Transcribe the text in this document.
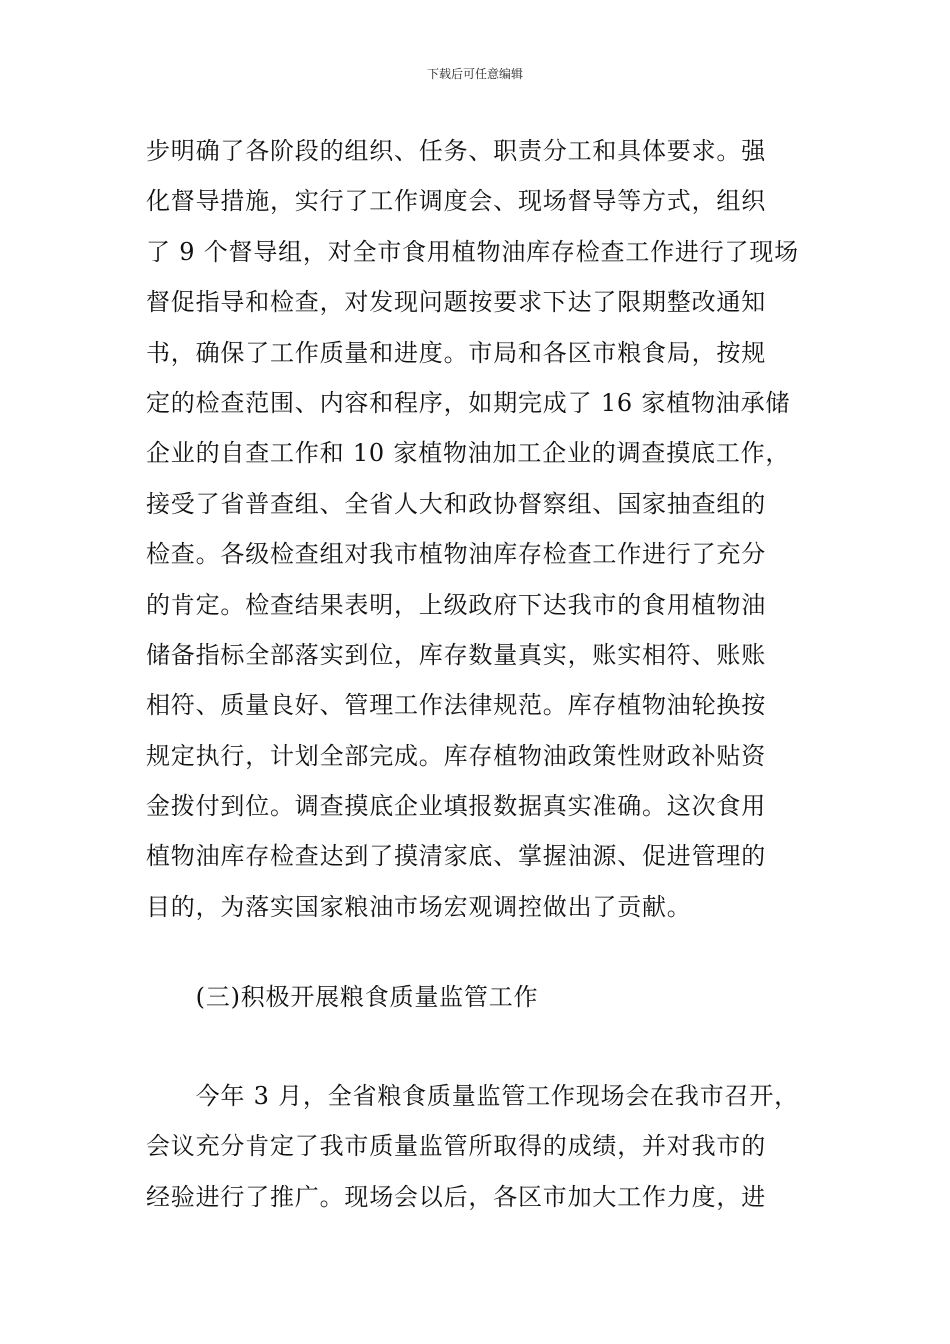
下载后可任意编辑
步明确了各阶段的组织、任务、职责分工和具体要求。强
化督导措施，实行了工作调度会、现场督导等方式，组织
了 9 个督导组，对全市食用植物油库存检查工作进行了现场
督促指导和检查，对发现问题按要求下达了限期整改通知
书，确保了工作质量和进度。市局和各区市粮食局，按规
定的检查范围、内容和程序，如期完成了 16 家植物油承储
企业的自查工作和 10 家植物油加工企业的调查摸底工作，
接受了省普查组、全省人大和政协督察组、国家抽查组的
检查。各级检查组对我市植物油库存检查工作进行了充分
的肯定。检查结果表明，上级政府下达我市的食用植物油
储备指标全部落实到位，库存数量真实，账实相符、账账
相符、质量良好、管理工作法律规范。库存植物油轮换按
规定执行，计划全部完成。库存植物油政策性财政补贴资
金拨付到位。调查摸底企业填报数据真实准确。这次食用
植物油库存检查达到了摸清家底、掌握油源、促进管理的
目的，为落实国家粮油市场宏观调控做出了贡献。
　　(三)积极开展粮食质量监管工作
　　今年 3 月，全省粮食质量监管工作现场会在我市召开，
会议充分肯定了我市质量监管所取得的成绩，并对我市的
经验进行了推广。现场会以后，各区市加大工作力度，进
